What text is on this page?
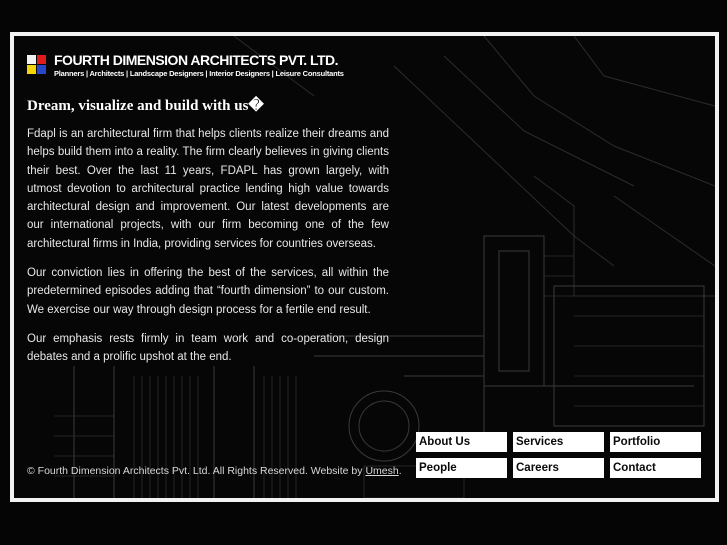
FOURTH DIMENSION ARCHITECTS PVT. LTD.
Planners | Architects | Landscape Designers | Interior Designers | Leisure Consultants
Dream, visualize and build with us�

Fdapl is an architectural firm that helps clients realize their dreams and helps build them into a reality. The firm clearly believes in giving clients their best. Over the last 11 years, FDAPL has grown largely, with utmost devotion to architectural practice lending high value towards architectural design and improvement. Our latest developments are our international projects, with our firm becoming one of the few architectural firms in India, providing services for countries overseas.

Our conviction lies in offering the best of the services, all within the predetermined episodes adding that “fourth dimension” to our custom. We exercise our way through design process for a fertile end result.

Our emphasis rests firmly in team work and co-operation, design debates and a prolific upshot at the end.

© Fourth Dimension Architects Pvt. Ltd. All Rights Reserved. Website by Umesh.
About Us	Services	Portfolio
People	Careers	Contact
